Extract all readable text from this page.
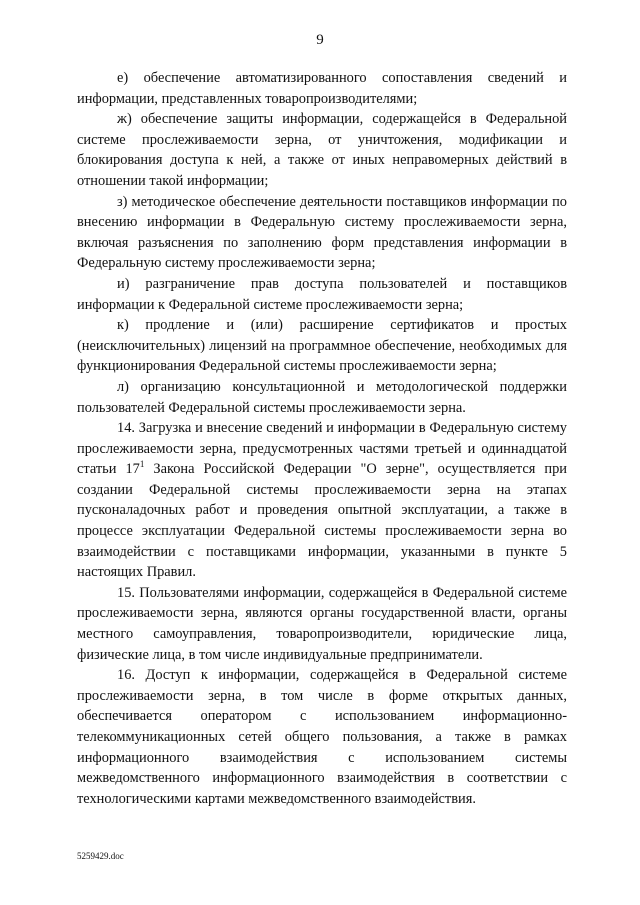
9

е) обеспечение автоматизированного сопоставления сведений и информации, представленных товаропроизводителями;

ж) обеспечение защиты информации, содержащейся в Федеральной системе прослеживаемости зерна, от уничтожения, модификации и блокирования доступа к ней, а также от иных неправомерных действий в отношении такой информации;

з) методическое обеспечение деятельности поставщиков информации по внесению информации в Федеральную систему прослеживаемости зерна, включая разъяснения по заполнению форм представления информации в Федеральную систему прослеживаемости зерна;

и) разграничение прав доступа пользователей и поставщиков информации к Федеральной системе прослеживаемости зерна;

к) продление и (или) расширение сертификатов и простых (неисключительных) лицензий на программное обеспечение, необходимых для функционирования Федеральной системы прослеживаемости зерна;

л) организацию консультационной и методологической поддержки пользователей Федеральной системы прослеживаемости зерна.

14. Загрузка и внесение сведений и информации в Федеральную систему прослеживаемости зерна, предусмотренных частями третьей и одиннадцатой статьи $17^1$ Закона Российской Федерации "О зерне", осуществляется при создании Федеральной системы прослеживаемости зерна на этапах пусконаладочных работ и проведения опытной эксплуатации, а также в процессе эксплуатации Федеральной системы прослеживаемости зерна во взаимодействии с поставщиками информации, указанными в пункте 5 настоящих Правил.

15. Пользователями информации, содержащейся в Федеральной системе прослеживаемости зерна, являются органы государственной власти, органы местного самоуправления, товаропроизводители, юридические лица, физические лица, в том числе индивидуальные предприниматели.

16. Доступ к информации, содержащейся в Федеральной системе прослеживаемости зерна, в том числе в форме открытых данных, обеспечивается оператором с использованием информационно-телекоммуникационных сетей общего пользования, а также в рамках информационного взаимодействия с использованием системы межведомственного информационного взаимодействия в соответствии с технологическими картами межведомственного взаимодействия.

5259429.doc
